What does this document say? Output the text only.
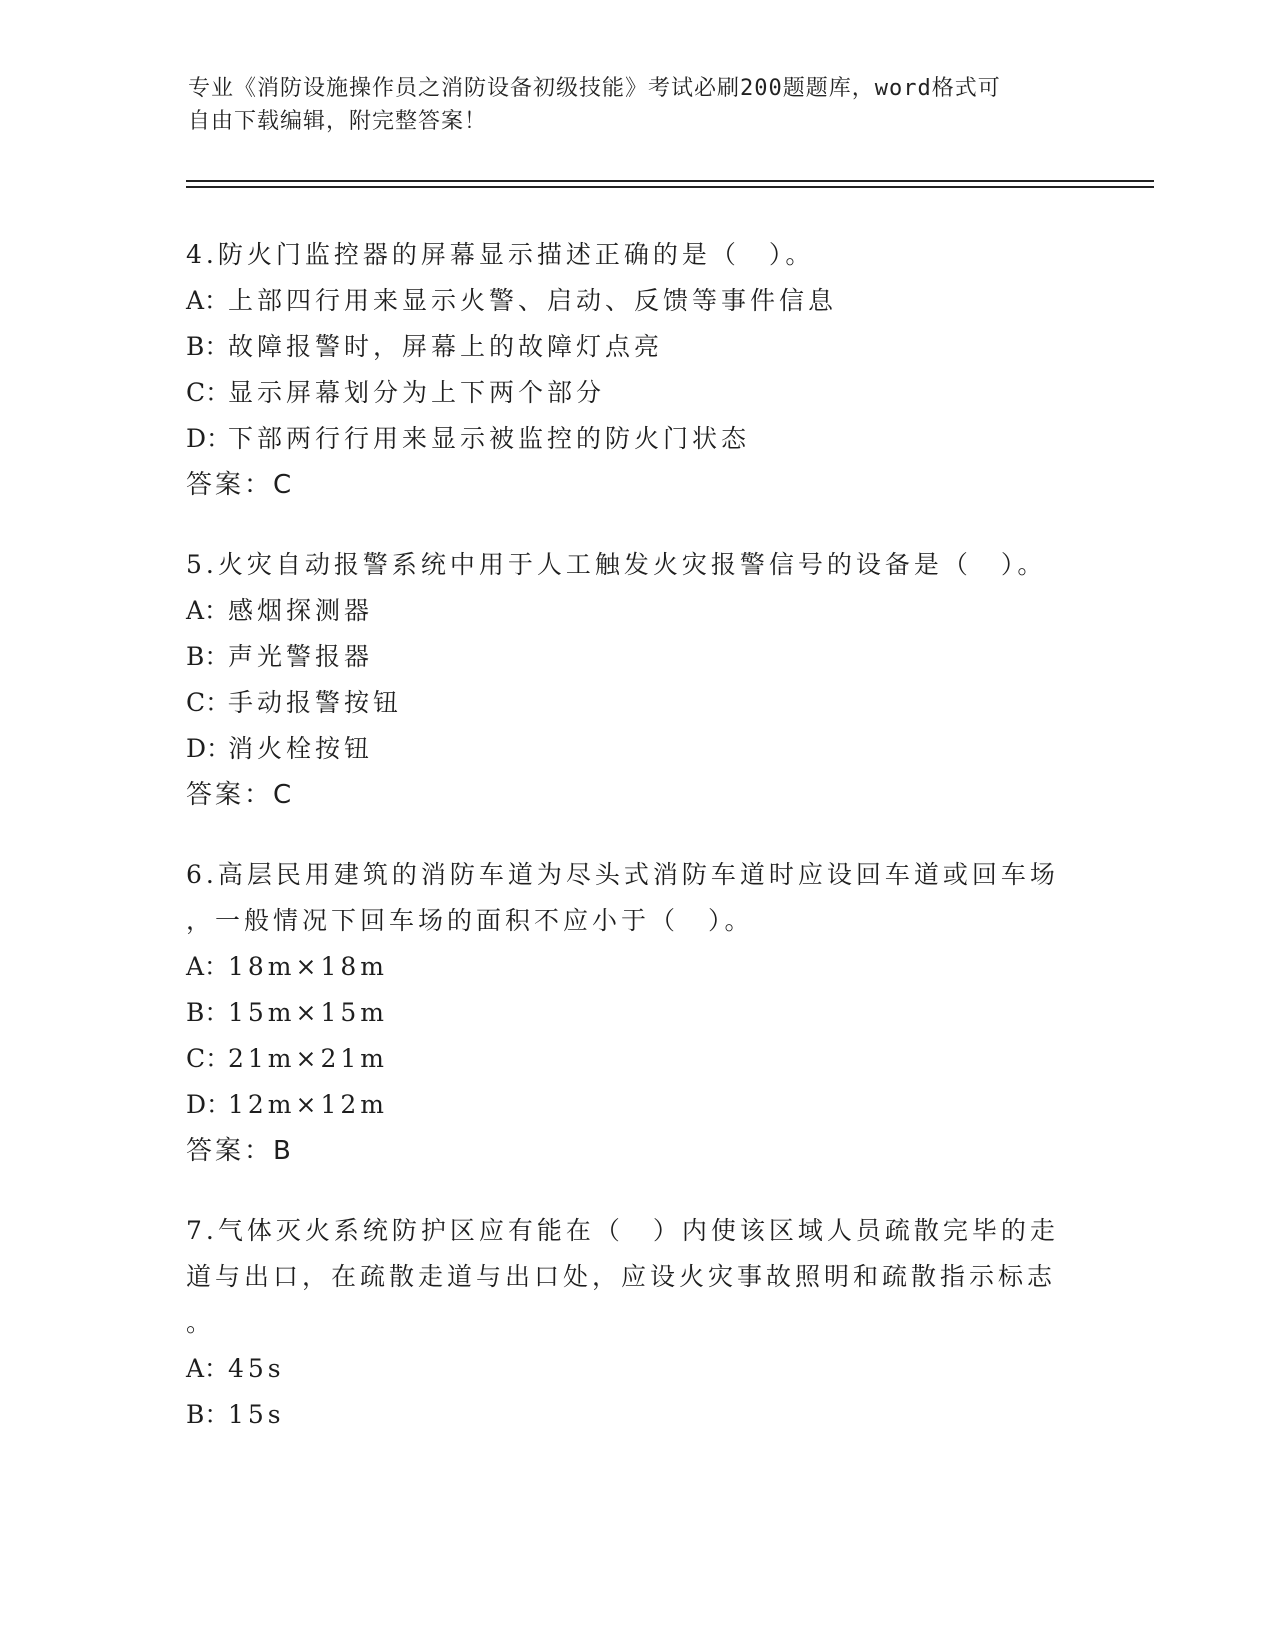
专业《消防设施操作员之消防设备初级技能》考试必刷200题题库，word格式可
自由下载编辑，附完整答案！
4.防火门监控器的屏幕显示描述正确的是（　）。
A：上部四行用来显示火警、启动、反馈等事件信息
B：故障报警时，屏幕上的故障灯点亮
C：显示屏幕划分为上下两个部分
D：下部两行行用来显示被监控的防火门状态
答案：C
5.火灾自动报警系统中用于人工触发火灾报警信号的设备是（　）。
A：感烟探测器
B：声光警报器
C：手动报警按钮
D：消火栓按钮
答案：C
6.高层民用建筑的消防车道为尽头式消防车道时应设回车道或回车场
，一般情况下回车场的面积不应小于（　）。
A：18m×18m
B：15m×15m
C：21m×21m
D：12m×12m
答案：B
7.气体灭火系统防护区应有能在（　）内使该区域人员疏散完毕的走
道与出口，在疏散走道与出口处，应设火灾事故照明和疏散指示标志
。
A：45s
B：15s
